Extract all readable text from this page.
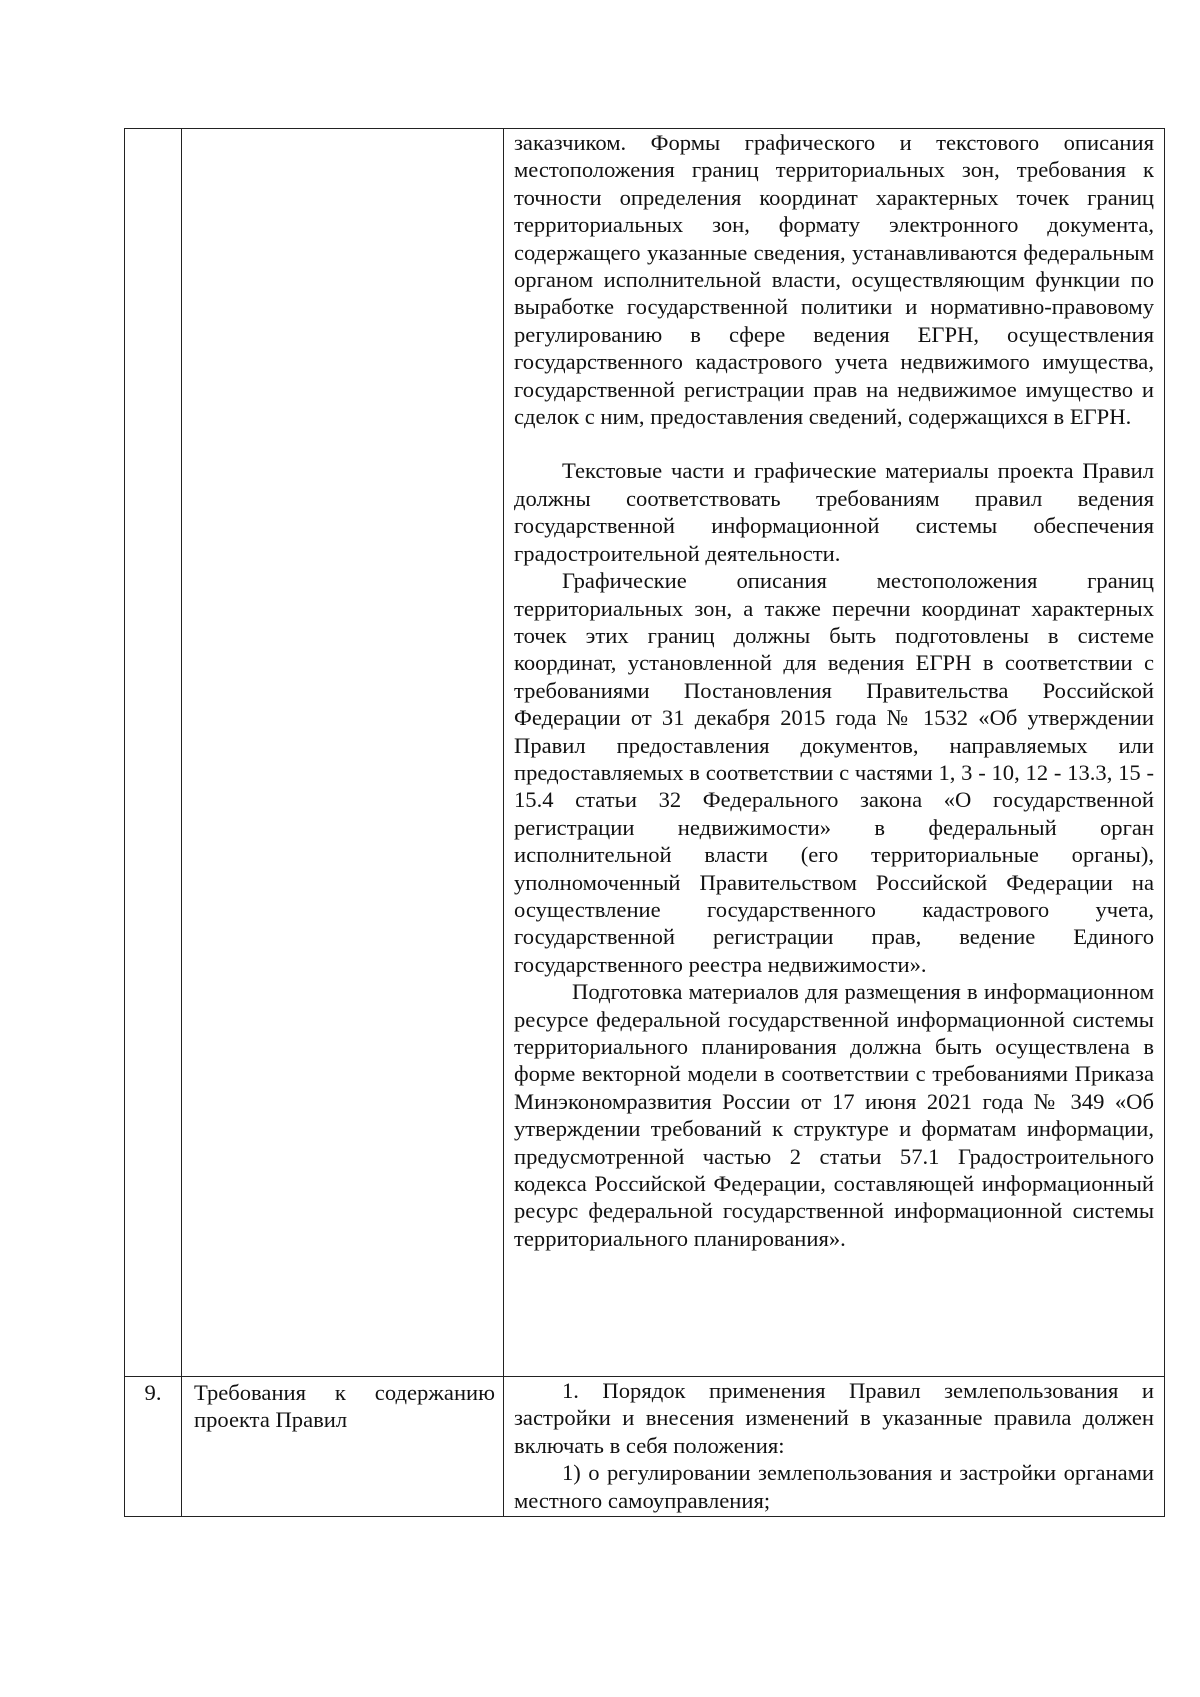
		заказчиком. Формы графического и текстового описания местоположения границ территориальных зон, требования к точности определения координат характерных точек границ территориальных зон, формату электронного документа, содержащего указанные сведения, устанавливаются федеральным органом исполнительной власти, осуществляющим функции по выработке государственной политики и нормативно-правовому регулированию в сфере ведения ЕГРН, осуществления государственного кадастрового учета недвижимого имущества, государственной регистрации прав на недвижимое имущество и сделок с ним, предоставления сведений, содержащихся в ЕГРН.

Текстовые части и графические материалы проекта Правил должны соответствовать требованиям правил ведения государственной информационной системы обеспечения градостроительной деятельности.

Графические описания местоположения границ территориальных зон, а также перечни координат характерных точек этих границ должны быть подготовлены в системе координат, установленной для ведения ЕГРН в соответствии с требованиями Постановления Правительства Российской Федерации от 31 декабря 2015 года № 1532 «Об утверждении Правил предоставления документов, направляемых или предоставляемых в соответствии с частями 1, 3 - 10, 12 - 13.3, 15 - 15.4 статьи 32 Федерального закона «О государственной регистрации недвижимости» в федеральный орган исполнительной власти (его территориальные органы), уполномоченный Правительством Российской Федерации на осуществление государственного кадастрового учета, государственной регистрации прав, ведение Единого государственного реестра недвижимости».

Подготовка материалов для размещения в информационном ресурсе федеральной государственной информационной системы территориального планирования должна быть осуществлена в форме векторной модели в соответствии с требованиями Приказа Минэкономразвития России от 17 июня 2021 года № 349 «Об утверждении требований к структуре и форматам информации, предусмотренной частью 2 статьи 57.1 Градостроительного кодекса Российской Федерации, составляющей информационный ресурс федеральной государственной информационной системы территориального планирования».

9.	Требования к содержанию проекта Правил	1. Порядок применения Правил землепользования и застройки и внесения изменений в указанные правила должен включать в себя положения:

1) о регулировании землепользования и застройки органами местного самоуправления;
